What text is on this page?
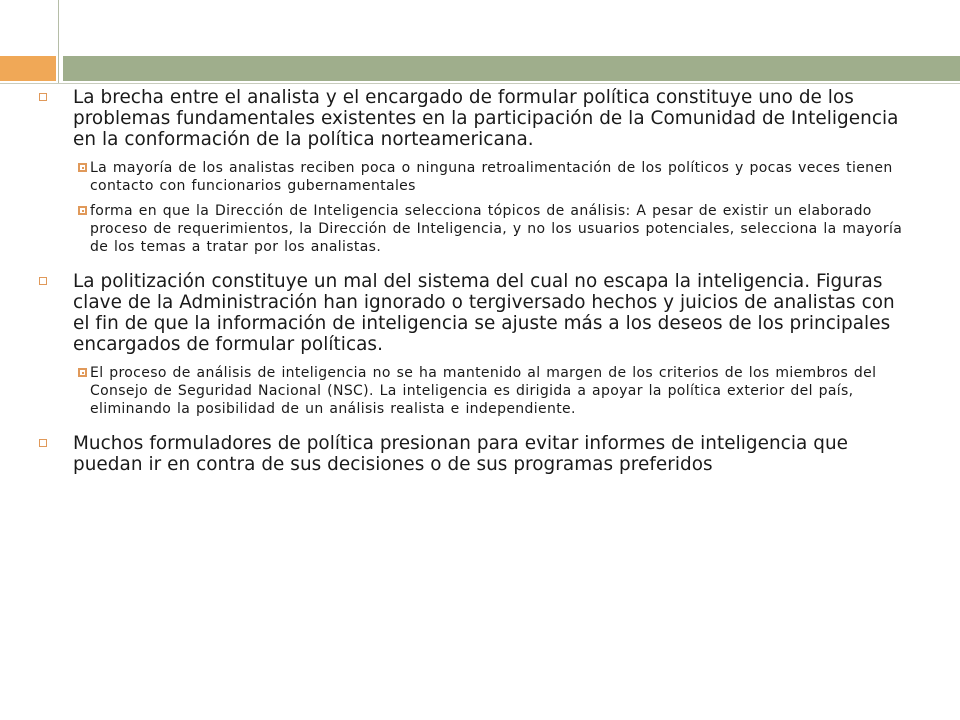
La brecha entre el analista y el encargado de formular política constituye uno de los problemas fundamentales existentes en la participación de la Comunidad de Inteligencia en la conformación de la política norteamericana.
La mayoría de los analistas reciben poca o ninguna retroalimentación de los políticos y pocas veces tienen contacto con funcionarios gubernamentales
forma en que la Dirección de Inteligencia selecciona tópicos de análisis: A pesar de existir un elaborado proceso de requerimientos, la Dirección de Inteligencia, y no los usuarios potenciales, selecciona la mayoría de los temas a tratar por los analistas.
La politización constituye un mal del sistema del cual no escapa la inteligencia. Figuras clave de la Administración han ignorado o tergiversado hechos y juicios de analistas con el fin de que la información de inteligencia se ajuste más a los deseos de los principales encargados de formular políticas.
El proceso de análisis de inteligencia no se ha mantenido al margen de los criterios de los miembros del Consejo de Seguridad Nacional (NSC). La inteligencia es dirigida a apoyar la política exterior del país, eliminando la posibilidad de un análisis realista e independiente.
Muchos formuladores de política presionan para evitar informes de inteligencia que puedan ir en contra de sus decisiones o de sus programas preferidos
